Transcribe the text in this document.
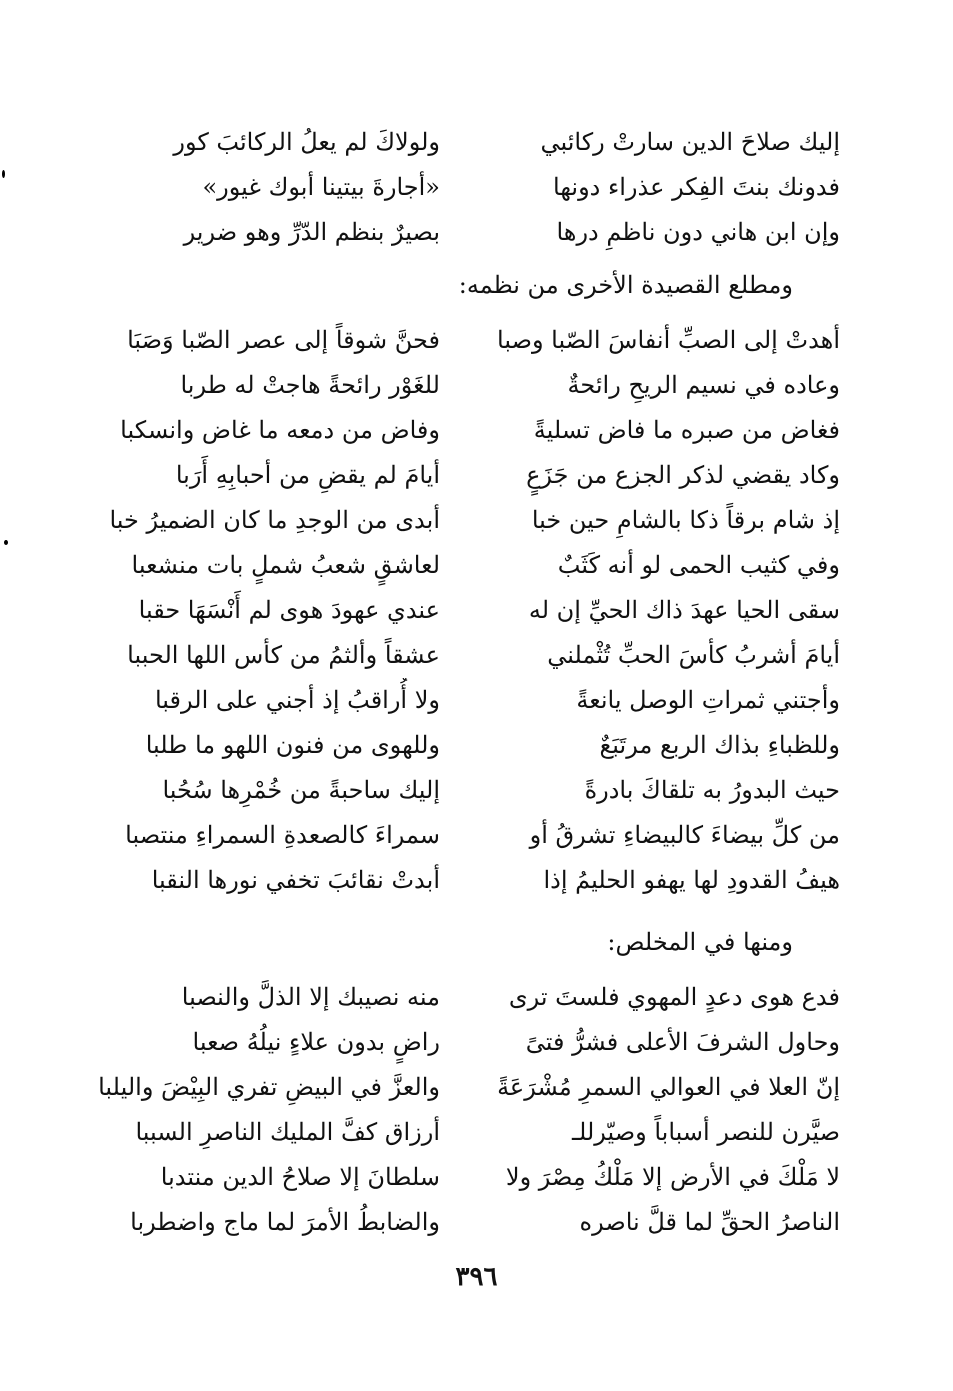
إليك صلاحَ الدين سارتْ ركائبي
ولولاكَ لم يعلُ الركائبَ كور
فدونك بنتَ الفِكر عذراء دونها
«أجارةَ بيتينا أبوك غيور»
وإن ابن هاني دون ناظمِ درها
بصيرٌ بنظم الدّرِّ وهو ضرير
ومطلع القصيدة الأخرى من نظمه:
أهدتْ إلى الصبِّ أنفاسَ الصّبا وصبا
فحنَّ شوقاً إلى عصر الصّبا وَصَبَا
وعاده في نسيم الريحِ رائحةٌ
للغَوْر رائحةً هاجتْ له طربا
فغاض من صبره ما فاض تسليةً
وفاض من دمعه ما غاض وانسكبا
وكاد يقضي لذكر الجزع من جَزَعٍ
أيامَ لم يقضِ من أحبابِهِ أَرَبا
إذ شام برقاً ذكا بالشامِ حين خبا
أبدى من الوجدِ ما كان الضميرُ خبا
وفي كثيب الحمى لو أنه كَثَبٌ
لعاشقٍ شعبُ شملٍ بات منشعبا
سقى الحيا عهدَ ذاك الحيِّ إن له
عندي عهودَ هوى لم أَنْسَهَا حقبا
أيامَ أشربُ كأسَ الحبِّ تُثْملني
عشقاً وألثمُ من كأس اللها الحببا
وأجتني ثمراتِ الوصل يانعةً
ولا أُراقبُ إذ أجني على الرقبا
وللظباءِ بذاك الربع مرتَبَعٌ
وللهوى من فنون اللهو ما طلبا
حيث البدورُ به تلقاكَ بادرةً
إليك ساحبةً من خُمْرِها سُحُبا
من كلِّ بيضاءَ كالبيضاءِ تشرقُ أو
سمراءَ كالصعدةِ السمراءِ منتصبا
هيفُ القدودِ لها يهفو الحليمُ إذا
أبدتْ نقائبَ تخفي نورها النقبا
ومنها في المخلص:
فدع هوى دعدٍ المهوي فلستَ ترى
منه نصيبك إلا الذلَّ والنصبا
وحاول الشرفَ الأعلى فشرُّ فتىً
راضٍ بدون علاءٍ نيلُهُ صعبا
إنّ العلا في العوالي السمرِ مُشْرَعَةً
والعزَّ في البيضِ تفري البِيْضَ واليلبا
صيَّرن للنصر أسباباً وصيّرللـ
أرزاق كفَّ المليك الناصرِ السببا
لا مَلْكَ في الأرض إلا مَلْكُ مِصْرَ ولا
سلطانَ إلا صلاحُ الدين منتدبا
الناصرُ الحقِّ لما قلَّ ناصره
والضابطُ الأمرَ لما ماج واضطربا
٣٩٦
